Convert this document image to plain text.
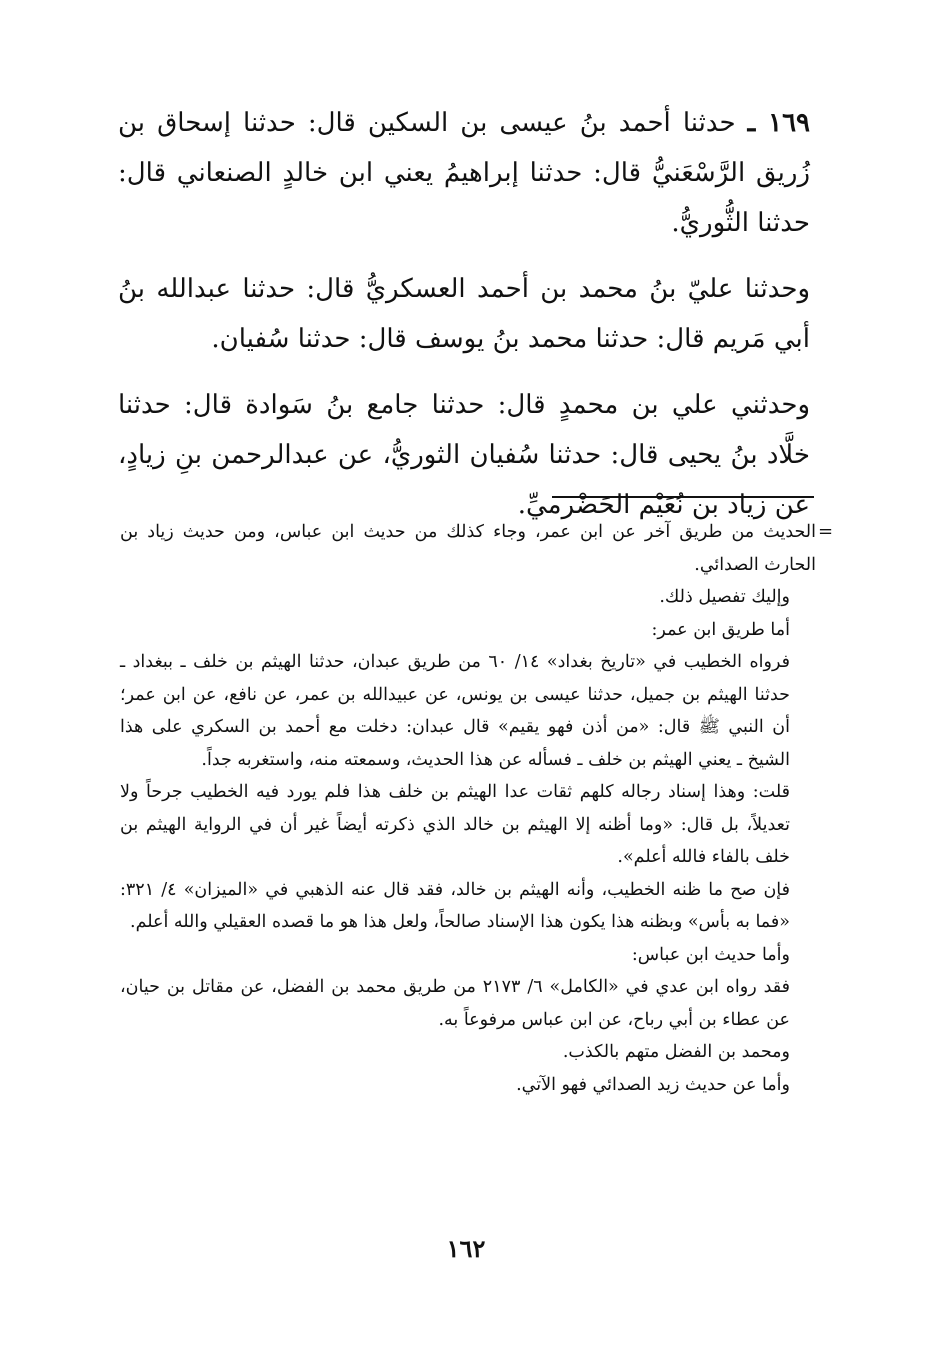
١٦٩ ـ حدثنا أحمد بنُ عيسى بن السكين قال: حدثنا إسحاق بن زُريق الرَّسْعَنيُّ قال: حدثنا إبراهيمُ يعني ابن خالدٍ الصنعاني قال: حدثنا الثُّوريُّ.

وحدثنا عليّ بنُ محمد بن أحمد العسكريُّ قال: حدثنا عبدالله بنُ أبي مَريم قال: حدثنا محمد بنُ يوسف قال: حدثنا سُفيان.

وحدثني علي بن محمدٍ قال: حدثنا جامع بنُ سَوادة قال: حدثنا خلَّاد بنُ يحيى قال: حدثنا سُفيان الثوريُّ، عن عبدالرحمن بنِ زيادٍ، عن زياد بن نُعَيْم الحَضْرميِّ.

=

الحديث من طريق آخر عن ابن عمر، وجاء كذلك من حديث ابن عباس، ومن حديث زياد بن الحارث الصدائي.

وإليك تفصيل ذلك.

أما طريق ابن عمر:

فرواه الخطيب في «تاريخ بغداد» ١٤/ ٦٠ من طريق عبدان، حدثنا الهيثم بن خلف ـ ببغداد ـ حدثنا الهيثم بن جميل، حدثنا عيسى بن يونس، عن عبيدالله بن عمر، عن نافع، عن ابن عمر؛ أن النبي ﷺ قال: «من أذن فهو يقيم» قال عبدان: دخلت مع أحمد بن السكري على هذا الشيخ ـ يعني الهيثم بن خلف ـ فسأله عن هذا الحديث، وسمعته منه، واستغربه جداً.

قلت: وهذا إسناد رجاله كلهم ثقات عدا الهيثم بن خلف هذا فلم يورد فيه الخطيب جرحاً ولا تعديلاً، بل قال: «وما أظنه إلا الهيثم بن خالد الذي ذكرته أيضاً غير أن في الرواية الهيثم بن خلف بالفاء فالله أعلم».

فإن صح ما ظنه الخطيب، وأنه الهيثم بن خالد، فقد قال عنه الذهبي في «الميزان» ٤/ ٣٢١: «فما به بأس» وبظنه هذا يكون هذا الإسناد صالحاً، ولعل هذا هو ما قصده العقيلي والله أعلم.

وأما حديث ابن عباس:

فقد رواه ابن عدي في «الكامل» ٦/ ٢١٧٣ من طريق محمد بن الفضل، عن مقاتل بن حيان، عن عطاء بن أبي رباح، عن ابن عباس مرفوعاً به.

ومحمد بن الفضل متهم بالكذب.

وأما عن حديث زيد الصدائي فهو الآتي.

١٦٢
